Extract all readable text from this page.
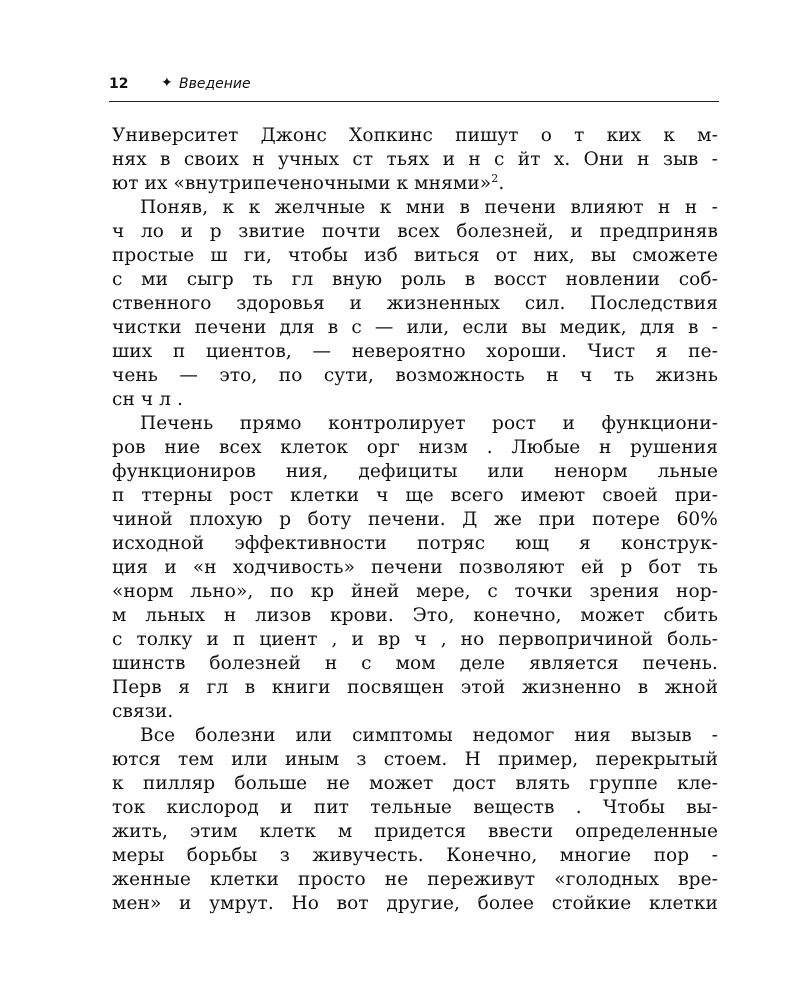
12 ✦ Введение
Университет Джонс Хопкинс пишут о т ких к м-
нях в своих н учных ст тьях и н с йт х. Они н зыв -
ют их «внутрипеченочными к мнями»$^2$.
Поняв, к к желчные к мни в печени влияют н н -
ч ло и р звитие почти всех болезней, и предприняв
простые ш ги, чтобы изб виться от них, вы сможете
с ми сыгр ть гл вную роль в восст новлении соб-
ственного здоровья и жизненных сил. Последствия
чистки печени для в с — или, если вы медик, для в -
ших п циентов, — невероятно хороши. Чист я пе-
чень — это, по сути, возможность н ч ть жизнь
сн ч л .
Печень прямо контролирует рост и функциони-
ров ние всех клеток орг низм . Любые н рушения
функциониров ния, дефициты или ненорм льные
п ттерны рост клетки ч ще всего имеют своей при-
чиной плохую р боту печени. Д же при потере 60%
исходной эффективности потряс ющ я конструк-
ция и «н ходчивость» печени позволяют ей р бот ть
«норм льно», по кр йней мере, с точки зрения нор-
м льных н лизов крови. Это, конечно, может сбить
с толку и п циент , и вр ч , но первопричиной боль-
шинств болезней н с мом деле является печень.
Перв я гл в книги посвящен этой жизненно в жной
связи.
Все болезни или симптомы недомог ния вызыв -
ются тем или иным з стоем. Н пример, перекрытый
к пилляр больше не может дост влять группе кле-
ток кислород и пит тельные веществ . Чтобы вы-
жить, этим клетк м придется ввести определенные
меры борьбы з живучесть. Конечно, многие пор -
женные клетки просто не переживут «голодных вре-
мен» и умрут. Но вот другие, более стойкие клетки
